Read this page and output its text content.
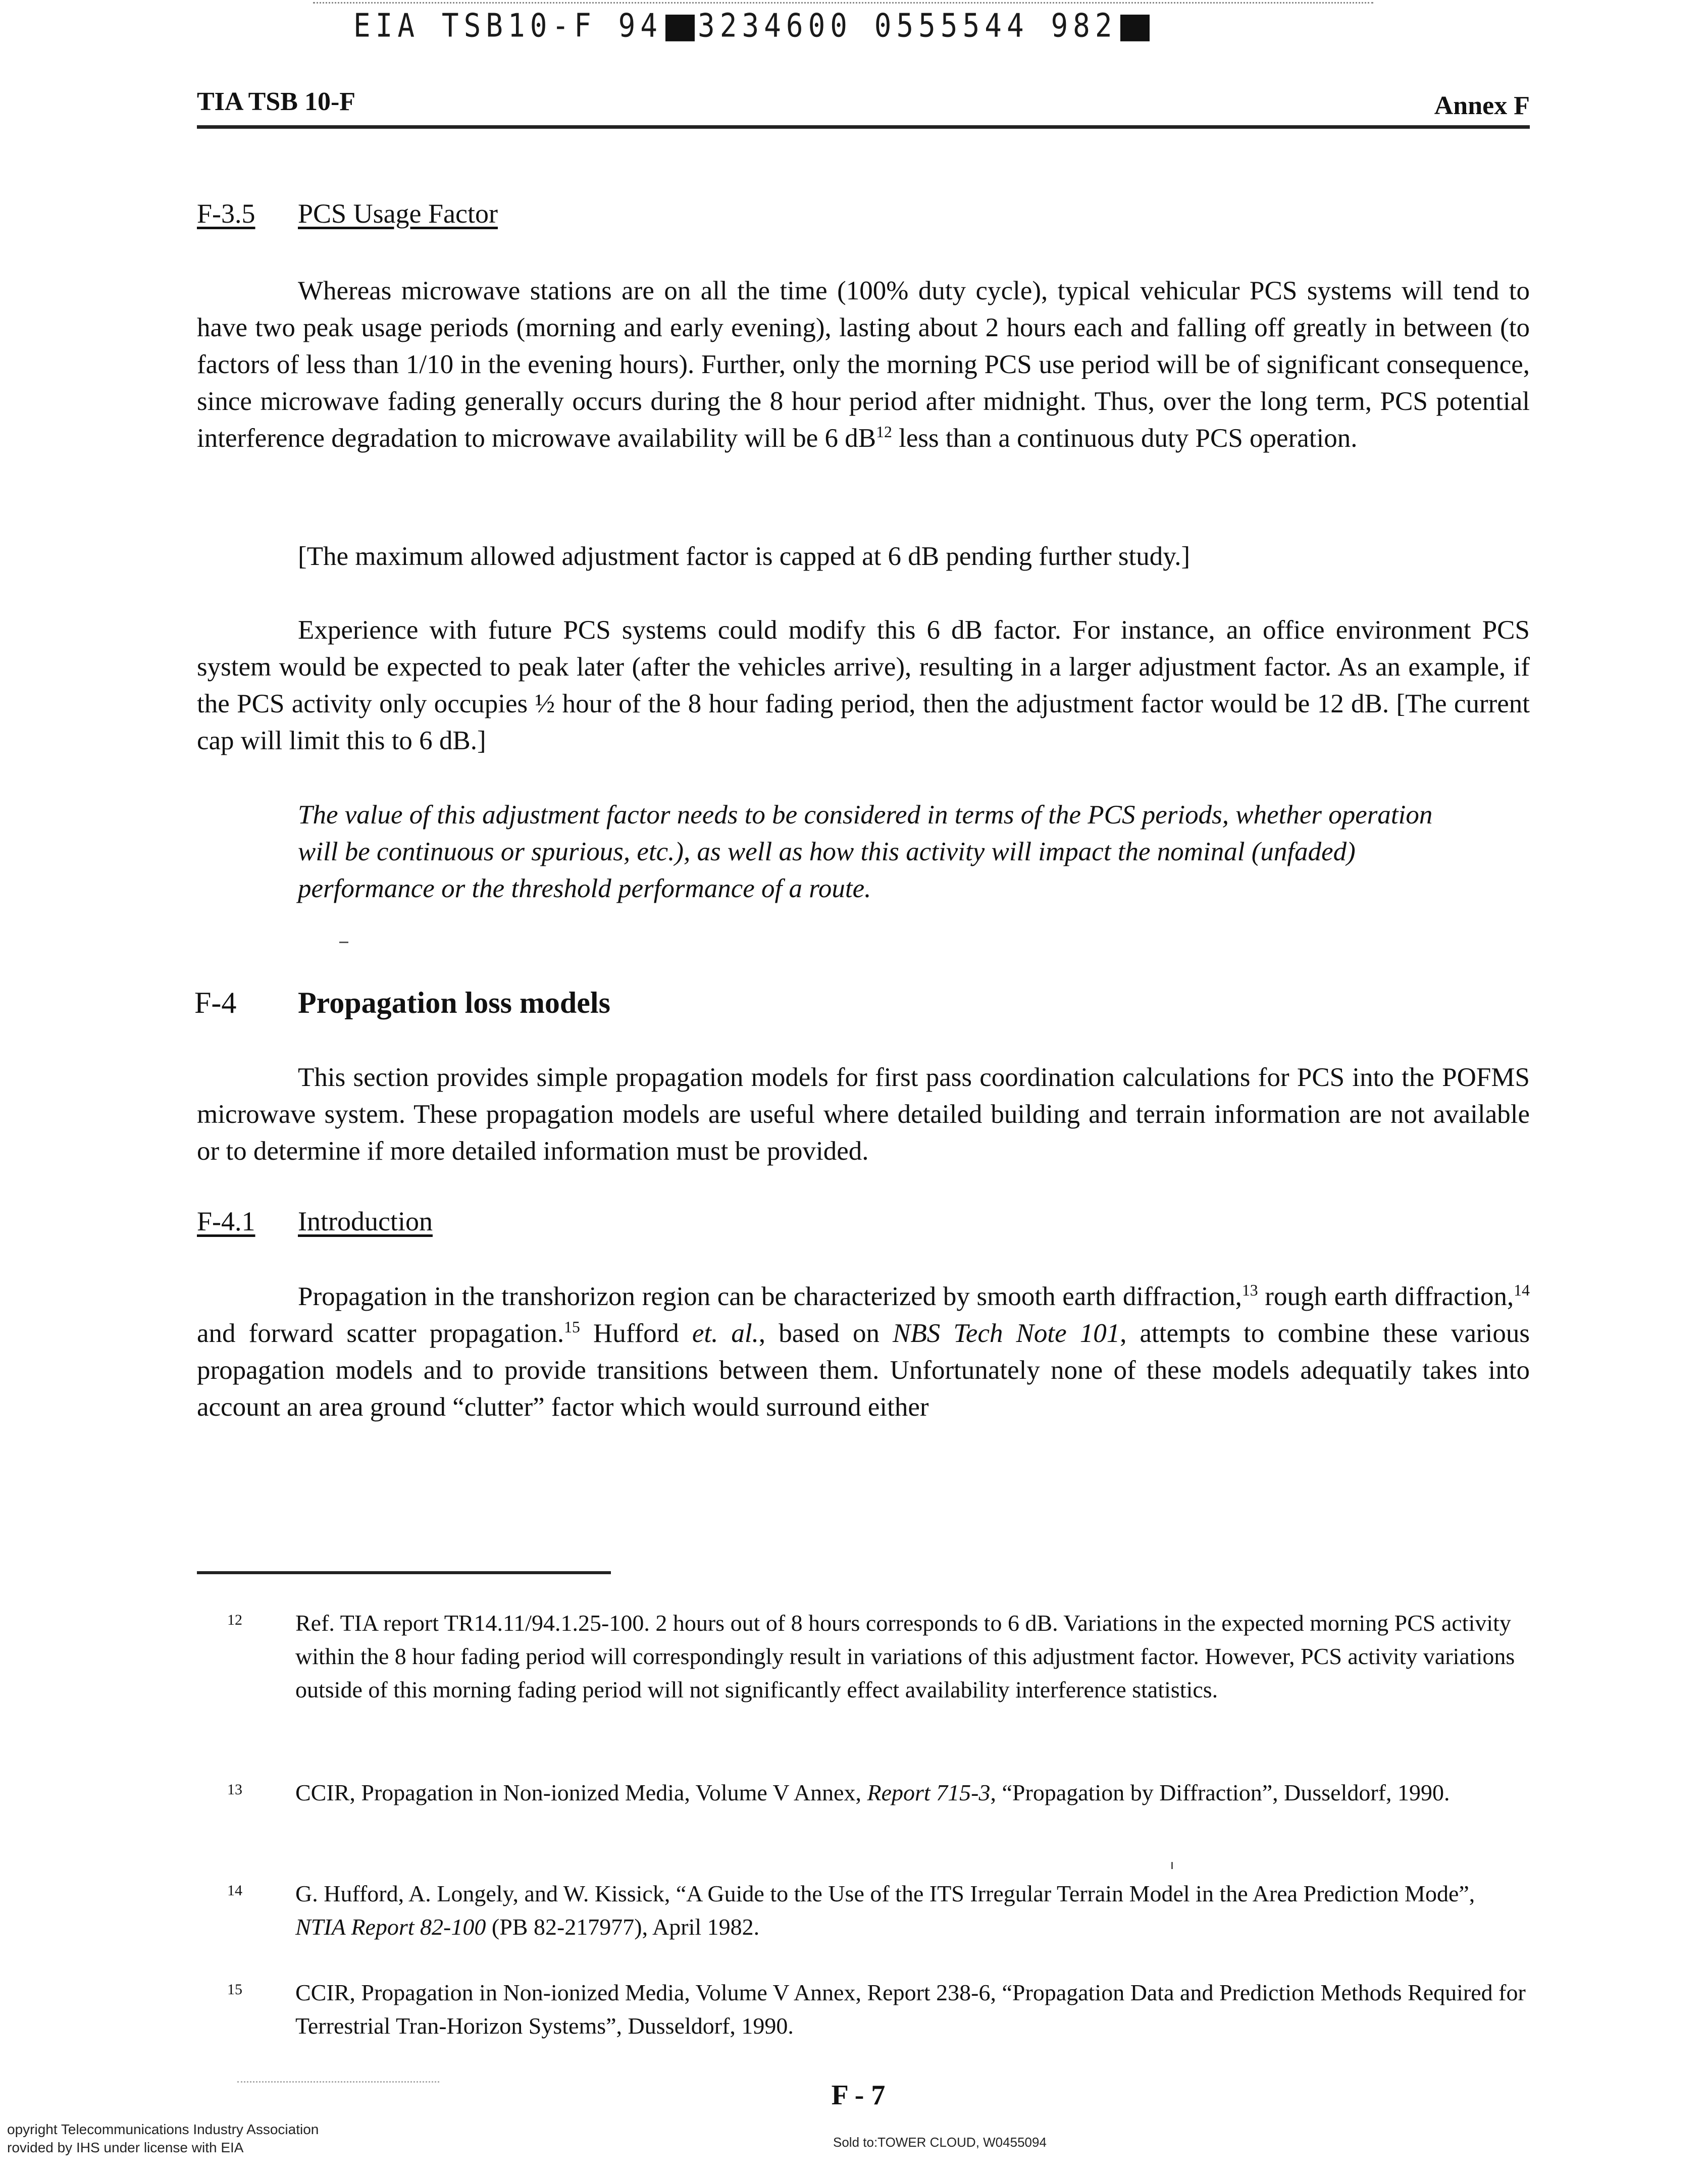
EIA TSB10-F 94 3234600 0555544 982
TIA TSB 10-F	Annex F
F-3.5 PCS Usage Factor
Whereas microwave stations are on all the time (100% duty cycle), typical vehicular PCS systems will tend to have two peak usage periods (morning and early evening), lasting about 2 hours each and falling off greatly in between (to factors of less than 1/10 in the evening hours). Further, only the morning PCS use period will be of significant consequence, since microwave fading generally occurs during the 8 hour period after midnight. Thus, over the long term, PCS potential interference degradation to microwave availability will be 6 $dB^{12}$ less than a continuous duty PCS operation.
[The maximum allowed adjustment factor is capped at 6 dB pending further study.]
Experience with future PCS systems could modify this 6 dB factor. For instance, an office environment PCS system would be expected to peak later (after the vehicles arrive), resulting in a larger adjustment factor. As an example, if the PCS activity only occupies ½ hour of the 8 hour fading period, then the adjustment factor would be 12 dB. [The current cap will limit this to 6 dB.]
The value of this adjustment factor needs to be considered in terms of the PCS periods, whether operation will be continuous or spurious, etc.), as well as how this activity will impact the nominal (unfaded) performance or the threshold performance of a route.
F-4 Propagation loss models
This section provides simple propagation models for first pass coordination calculations for PCS into the POFMS microwave system. These propagation models are useful where detailed building and terrain information are not available or to determine if more detailed information must be provided.
F-4.1 Introduction
Propagation in the transhorizon region can be characterized by smooth earth diffraction,$^{13}$ rough earth diffraction,$^{14}$ and forward scatter propagation.$^{15}$ Hufford et. al., based on NBS Tech Note 101, attempts to combine these various propagation models and to provide transitions between them. Unfortunately none of these models adequatily takes into account an area ground “clutter” factor which would surround either
12 Ref. TIA report TR14.11/94.1.25-100. 2 hours out of 8 hours corresponds to 6 dB. Variations in the expected morning PCS activity within the 8 hour fading period will correspondingly result in variations of this adjustment factor. However, PCS activity variations outside of this morning fading period will not significantly effect availability interference statistics.
13 CCIR, Propagation in Non-ionized Media, Volume V Annex, Report 715-3, “Propagation by Diffraction”, Dusseldorf, 1990.
14 G. Hufford, A. Longely, and W. Kissick, “A Guide to the Use of the ITS Irregular Terrain Model in the Area Prediction Mode”, NTIA Report 82-100 (PB 82-217977), April 1982.
15 CCIR, Propagation in Non-ionized Media, Volume V Annex, Report 238-6, “Propagation Data and Prediction Methods Required for Terrestrial Tran-Horizon Systems”, Dusseldorf, 1990.
F - 7
opyright Telecommunications Industry Association
rovided by IHS under license with EIA	Sold to:TOWER CLOUD, W0455094
